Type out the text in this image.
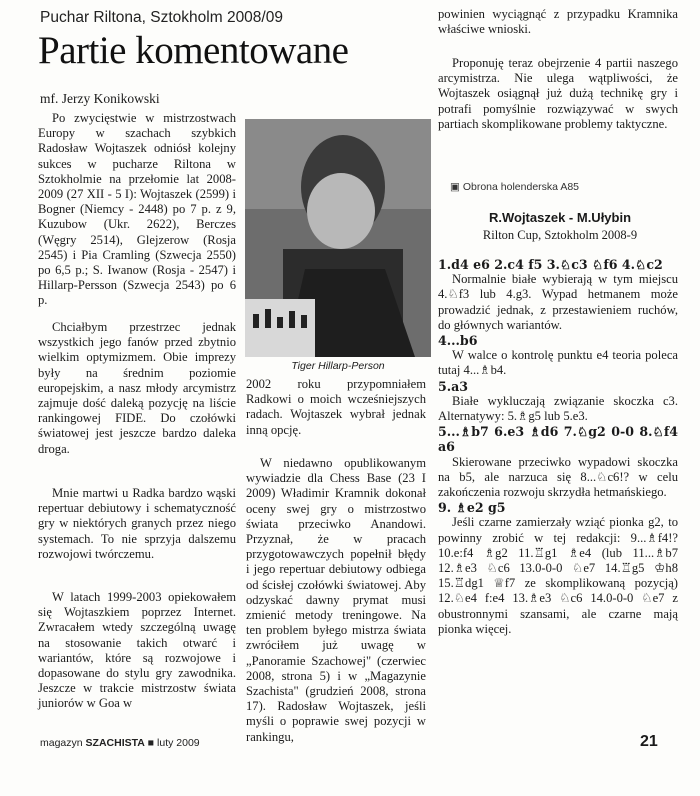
Puchar Riltona, Sztokholm 2008/09
Partie komentowane
mf. Jerzy Konikowski

Po zwycięstwie w mistrzostwach Europy w szachach szybkich Radosław Wojtaszek odniósł kolejny sukces w pucharze Riltona w Sztokholmie na przełomie lat 2008-2009 (27 XII - 5 I): Wojtaszek (2599) i Bogner (Niemcy - 2448) po 7 p. z 9, Kuzubow (Ukr. 2622), Berczes (Węgry 2514), Glejzerow (Rosja 2545) i Pia Cramling (Szwecja 2550) po 6,5 p.; S. Iwanow (Rosja - 2547) i Hillarp-Persson (Szwecja 2543) po 6 p.

Chciałbym przestrzec jednak wszystkich jego fanów przed zbytnio wielkim optymizmem. Obie imprezy były na średnim poziomie europejskim, a nasz młody arcymistrz zajmuje dość daleką pozycję na liście rankingowej FIDE. Do czołówki światowej jest jeszcze bardzo daleka droga.

Mnie martwi u Radka bardzo wąski repertuar debiutowy i schematyczność gry w niektórych granych przez niego systemach. To nie sprzyja dalszemu rozwojowi twórczemu.

W latach 1999-2003 opiekowałem się Wojtaszkiem poprzez Internet. Zwracałem wtedy szczególną uwagę na stosowanie takich otwarć i wariantów, które są rozwojowe i dopasowane do stylu gry zawodnika. Jeszcze w trakcie mistrzostw świata juniorów w Goa w

Tiger Hillarp-Person

2002 roku przypomniałem Radkowi o moich wcześniejszych radach. Wojtaszek wybrał jednak inną opcję.

W niedawno opublikowanym wywiadzie dla Chess Base (23 I 2009) Władimir Kramnik dokonał oceny swej gry o mistrzostwo świata przeciwko Anandowi. Przyznał, że w pracach przygotowawczych popełnił błędy i jego repertuar debiutowy odbiega od ścisłej czołówki światowej. Aby odzyskać dawny prymat musi zmienić metody treningowe. Na ten problem byłego mistrza świata zwróciłem już uwagę w „Panoramie Szachowej" (czerwiec 2008, strona 5) i w „Magazynie Szachista" (grudzień 2008, strona 17). Radosław Wojtaszek, jeśli myśli o poprawie swej pozycji w rankingu,

powinien wyciągnąć z przypadku Kramnika właściwe wnioski.

Proponuję teraz obejrzenie 4 partii naszego arcymistrza. Nie ulega wątpliwości, że Wojtaszek osiągnął już dużą technikę gry i potrafi pomyślnie rozwiązywać w swych partiach skomplikowane problemy taktyczne.

▣ Obrona holenderska A85
R.Wojtaszek - M.Ułybin
Rilton Cup, Sztokholm 2008-9

1.d4 e6 2.c4 f5 3.♘c3 ♘f6 4.♘c2

Normalnie białe wybierają w tym miejscu 4.♘f3 lub 4.g3. Wypad hetmanem może prowadzić jednak, z przestawieniem ruchów, do głównych wariantów.

4...b6

W walce o kontrolę punktu e4 teoria poleca tutaj 4...♗b4.

5.a3

Białe wykluczają związanie skoczka c3. Alternatywy: 5.♗g5 lub 5.e3.

5...♗b7 6.e3 ♗d6 7.♘g2 0-0 8.♘f4 a6

Skierowane przeciwko wypadowi skoczka na b5, ale narzuca się 8...♘c6!? w celu zakończenia rozwoju skrzydła hetmańskiego.

9. ♗e2 g5

Jeśli czarne zamierzały wziąć pionka g2, to powinny zrobić w tej redakcji: 9...♗f4!? 10.e:f4 ♗g2 11.♖g1 ♗e4 (lub 11...♗b7 12.♗e3 ♘c6 13.0-0-0 ♘e7 14.♖g5 ♔h8 15.♖dg1 ♕f7 ze skomplikowaną pozycją) 12.♘e4 f:e4 13.♗e3 ♘c6 14.0-0-0 ♘e7 z obustronnymi szansami, ale czarne mają pionka więcej.

magazyn SZACHISTA ■ luty 2009	21
